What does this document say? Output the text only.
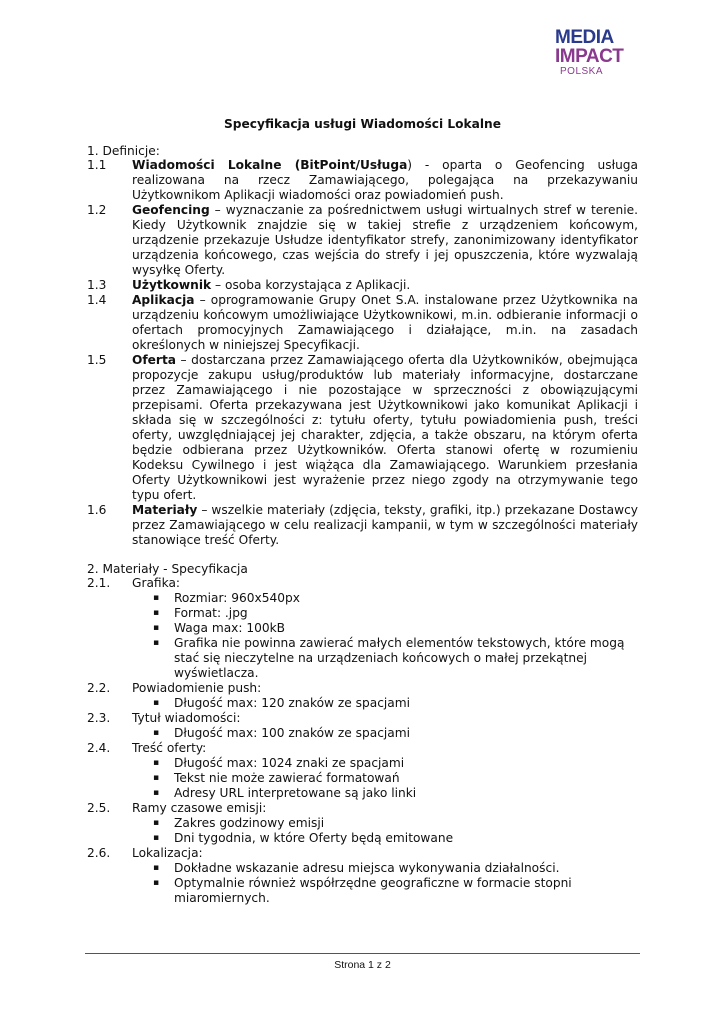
MEDIA
IMPACT
POLSKA
Specyfikacja usługi Wiadomości Lokalne
1. Definicje:
1.1 Wiadomości Lokalne (BitPoint/Usługa) - oparta o Geofencing usługa realizowana na rzecz Zamawiającego, polegająca na przekazywaniu Użytkownikom Aplikacji wiadomości oraz powiadomień push.
1.2 Geofencing – wyznaczanie za pośrednictwem usługi wirtualnych stref w terenie. Kiedy Użytkownik znajdzie się w takiej strefie z urządzeniem końcowym, urządzenie przekazuje Usłudze identyfikator strefy, zanonimizowany identyfikator urządzenia końcowego, czas wejścia do strefy i jej opuszczenia, które wyzwalają wysyłkę Oferty.
1.3 Użytkownik – osoba korzystająca z Aplikacji.
1.4 Aplikacja – oprogramowanie Grupy Onet S.A. instalowane przez Użytkownika na urządzeniu końcowym umożliwiające Użytkownikowi, m.in. odbieranie informacji o ofertach promocyjnych Zamawiającego i działające, m.in. na zasadach określonych w niniejszej Specyfikacji.
1.5 Oferta – dostarczana przez Zamawiającego oferta dla Użytkowników, obejmująca propozycje zakupu usług/produktów lub materiały informacyjne, dostarczane przez Zamawiającego i nie pozostające w sprzeczności z obowiązującymi przepisami. Oferta przekazywana jest Użytkownikowi jako komunikat Aplikacji i składa się w szczególności z: tytułu oferty, tytułu powiadomienia push, treści oferty, uwzględniającej jej charakter, zdjęcia, a także obszaru, na którym oferta będzie odbierana przez Użytkowników. Oferta stanowi ofertę w rozumieniu Kodeksu Cywilnego i jest wiążąca dla Zamawiającego. Warunkiem przesłania Oferty Użytkownikowi jest wyrażenie przez niego zgody na otrzymywanie tego typu ofert.
1.6 Materiały – wszelkie materiały (zdjęcia, teksty, grafiki, itp.) przekazane Dostawcy przez Zamawiającego w celu realizacji kampanii, w tym w szczególności materiały stanowiące treść Oferty.
2. Materiały - Specyfikacja
2.1. Grafika:
▪ Rozmiar: 960x540px
▪ Format: .jpg
▪ Waga max: 100kB
▪ Grafika nie powinna zawierać małych elementów tekstowych, które mogą stać się nieczytelne na urządzeniach końcowych o małej przekątnej wyświetlacza.
2.2. Powiadomienie push:
▪ Długość max: 120 znaków ze spacjami
2.3. Tytuł wiadomości:
▪ Długość max: 100 znaków ze spacjami
2.4. Treść oferty:
▪ Długość max: 1024 znaki ze spacjami
▪ Tekst nie może zawierać formatowań
▪ Adresy URL interpretowane są jako linki
2.5. Ramy czasowe emisji:
▪ Zakres godzinowy emisji
▪ Dni tygodnia, w które Oferty będą emitowane
2.6. Lokalizacja:
▪ Dokładne wskazanie adresu miejsca wykonywania działalności.
▪ Optymalnie również współrzędne geograficzne w formacie stopni miaromiernych.
Strona 1 z 2
